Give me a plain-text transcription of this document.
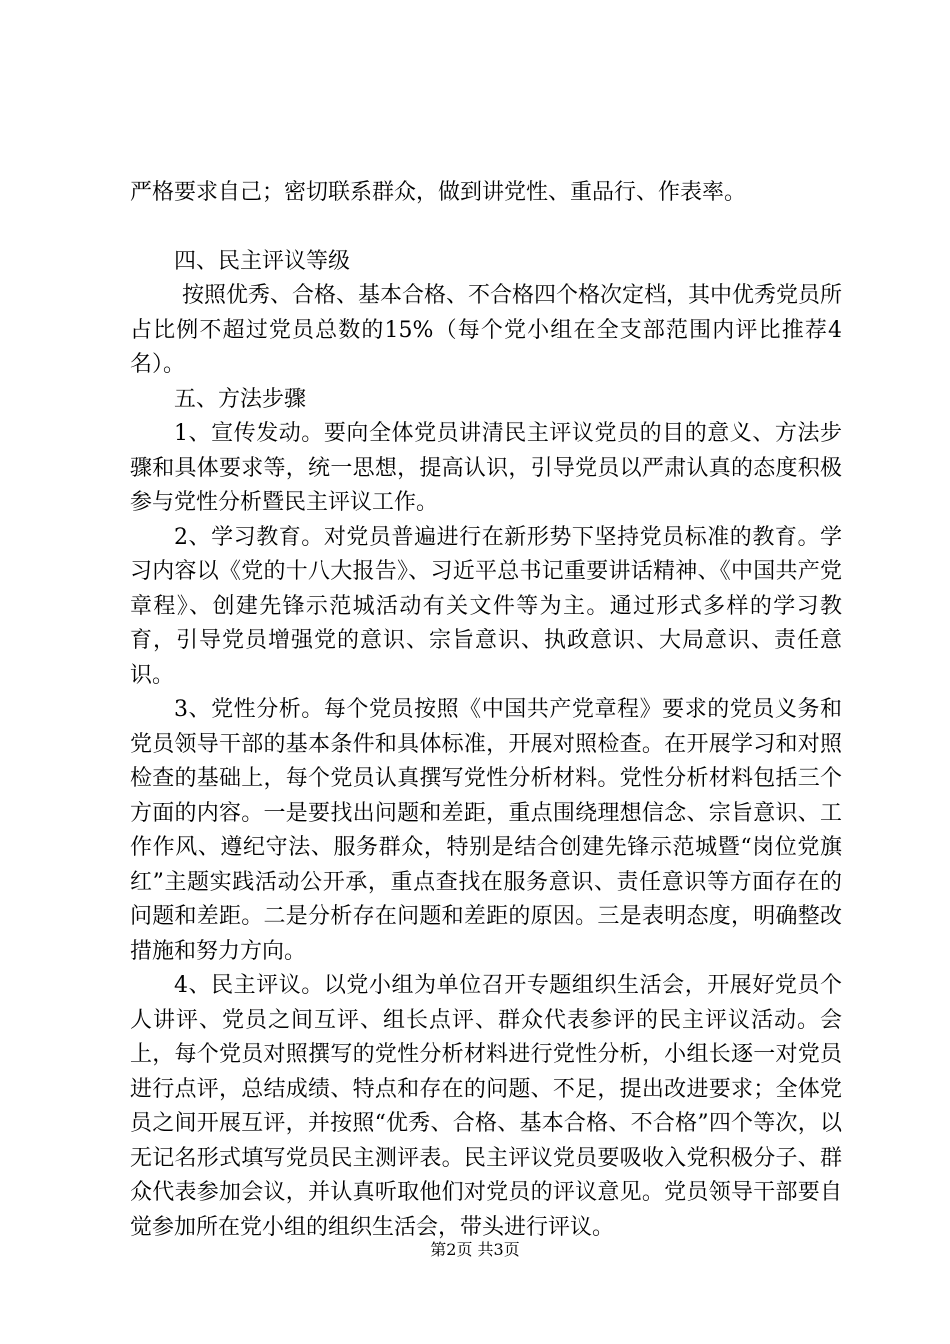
严格要求自己；密切联系群众，做到讲党性、重品行、作表率。

四、民主评议等级

按照优秀、合格、基本合格、不合格四个格次定档，其中优秀党员所占比例不超过党员总数的15%（每个党小组在全支部范围内评比推荐4名）。

五、方法步骤

1、宣传发动。要向全体党员讲清民主评议党员的目的意义、方法步骤和具体要求等，统一思想，提高认识，引导党员以严肃认真的态度积极参与党性分析暨民主评议工作。

2、学习教育。对党员普遍进行在新形势下坚持党员标准的教育。学习内容以《党的十八大报告》、习近平总书记重要讲话精神、《中国共产党章程》、创建先锋示范城活动有关文件等为主。通过形式多样的学习教育，引导党员增强党的意识、宗旨意识、执政意识、大局意识、责任意识。

3、党性分析。每个党员按照《中国共产党章程》要求的党员义务和党员领导干部的基本条件和具体标准，开展对照检查。在开展学习和对照检查的基础上，每个党员认真撰写党性分析材料。党性分析材料包括三个方面的内容。一是要找出问题和差距，重点围绕理想信念、宗旨意识、工作作风、遵纪守法、服务群众，特别是结合创建先锋示范城暨“岗位党旗红”主题实践活动公开承，重点查找在服务意识、责任意识等方面存在的问题和差距。二是分析存在问题和差距的原因。三是表明态度，明确整改措施和努力方向。

4、民主评议。以党小组为单位召开专题组织生活会，开展好党员个人讲评、党员之间互评、组长点评、群众代表参评的民主评议活动。会上，每个党员对照撰写的党性分析材料进行党性分析，小组长逐一对党员进行点评，总结成绩、特点和存在的问题、不足，提出改进要求；全体党员之间开展互评，并按照“优秀、合格、基本合格、不合格”四个等次，以无记名形式填写党员民主测评表。民主评议党员要吸收入党积极分子、群众代表参加会议，并认真听取他们对党员的评议意见。党员领导干部要自觉参加所在党小组的组织生活会，带头进行评议。

第2页 共3页
